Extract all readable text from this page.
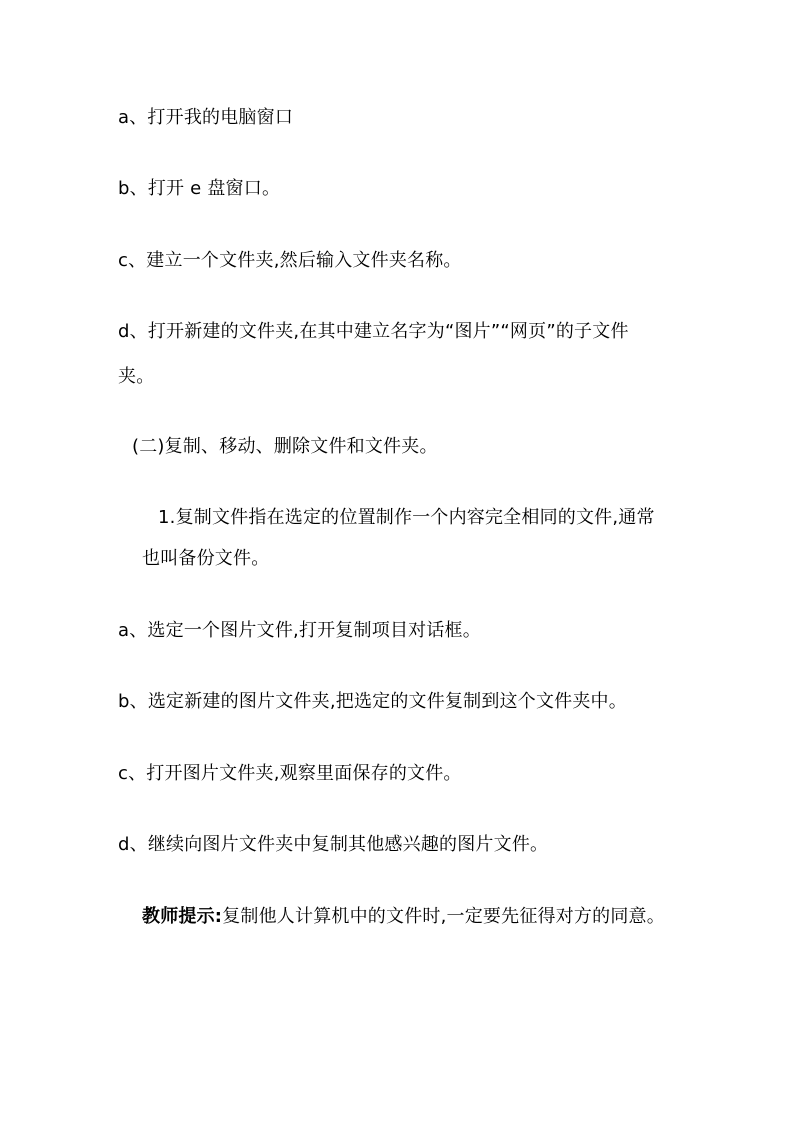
a、打开我的电脑窗口
b、打开 e 盘窗口。
c、建立一个文件夹,然后输入文件夹名称。
d、打开新建的文件夹,在其中建立名字为“图片”“网页”的子文件
夹。
(二)复制、移动、删除文件和文件夹。
1.复制文件指在选定的位置制作一个内容完全相同的文件,通常
也叫备份文件。
a、选定一个图片文件,打开复制项目对话框。
b、选定新建的图片文件夹,把选定的文件复制到这个文件夹中。
c、打开图片文件夹,观察里面保存的文件。
d、继续向图片文件夹中复制其他感兴趣的图片文件。
教师提示:复制他人计算机中的文件时,一定要先征得对方的同意。
